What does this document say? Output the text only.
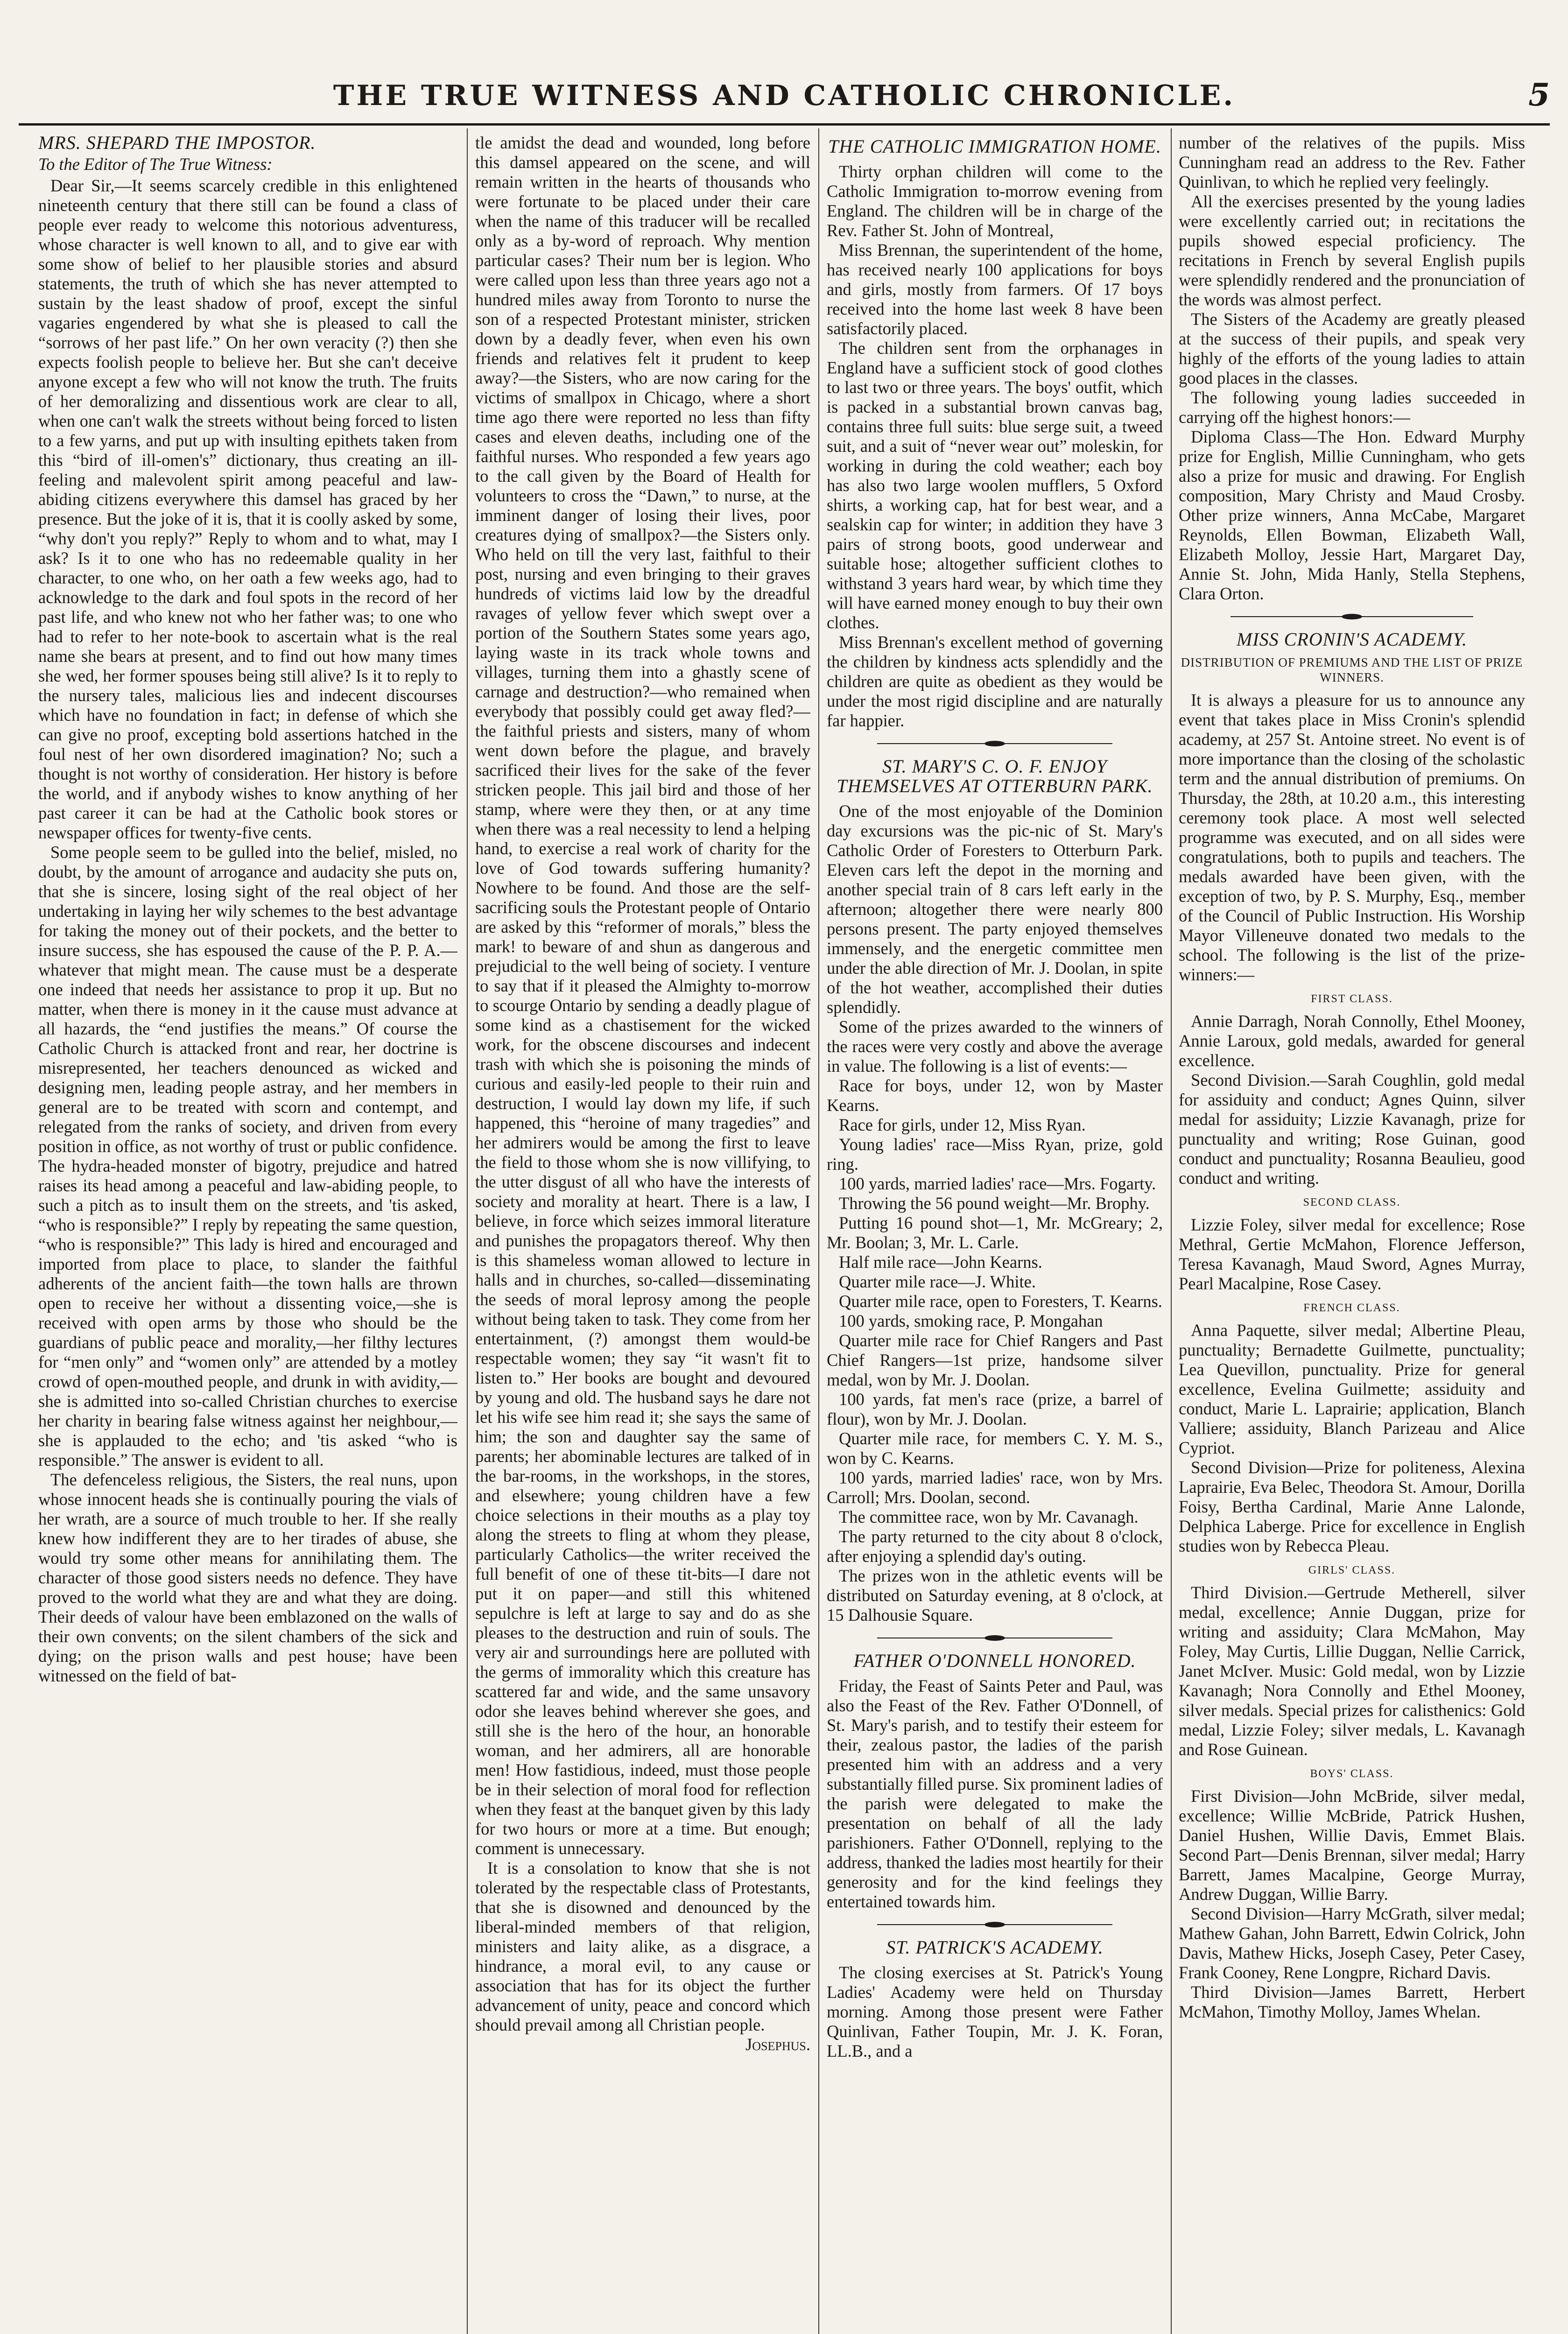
THE TRUE WITNESS AND CATHOLIC CHRONICLE.	5

MRS. SHEPARD THE IMPOSTOR.

To the Editor of The True Witness:

Dear Sir,—It seems scarcely credible in this enlightened nineteenth century that there still can be found a class of people ever ready to welcome this notorious adventuress, whose character is well known to all, and to give ear with some show of belief to her plausible stories and absurd statements, the truth of which she has never attempted to sustain by the least shadow of proof, except the sinful vagaries engendered by what she is pleased to call the “sorrows of her past life.” On her own veracity (?) then she expects foolish people to believe her. But she can't deceive anyone except a few who will not know the truth. The fruits of her demoralizing and dissentious work are clear to all, when one can't walk the streets without being forced to listen to a few yarns, and put up with insulting epithets taken from this “bird of ill-omen's” dictionary, thus creating an ill-feeling and malevolent spirit among peaceful and law-abiding citizens everywhere this damsel has graced by her presence. But the joke of it is, that it is coolly asked by some, “why don't you reply?” Reply to whom and to what, may I ask? Is it to one who has no redeemable quality in her character, to one who, on her oath a few weeks ago, had to acknowledge to the dark and foul spots in the record of her past life, and who knew not who her father was; to one who had to refer to her note-book to ascertain what is the real name she bears at present, and to find out how many times she wed, her former spouses being still alive? Is it to reply to the nursery tales, malicious lies and indecent discourses which have no foundation in fact; in defense of which she can give no proof, excepting bold assertions hatched in the foul nest of her own disordered imagination? No; such a thought is not worthy of consideration. Her history is before the world, and if anybody wishes to know anything of her past career it can be had at the Catholic book stores or newspaper offices for twenty-five cents.

Some people seem to be gulled into the belief, misled, no doubt, by the amount of arrogance and audacity she puts on, that she is sincere, losing sight of the real object of her undertaking in laying her wily schemes to the best advantage for taking the money out of their pockets, and the better to insure success, she has espoused the cause of the P. P. A.—whatever that might mean. The cause must be a desperate one indeed that needs her assistance to prop it up. But no matter, when there is money in it the cause must advance at all hazards, the “end justifies the means.” Of course the Catholic Church is attacked front and rear, her doctrine is misrepresented, her teachers denounced as wicked and designing men, leading people astray, and her members in general are to be treated with scorn and contempt, and relegated from the ranks of society, and driven from every position in office, as not worthy of trust or public confidence. The hydra-headed monster of bigotry, prejudice and hatred raises its head among a peaceful and law-abiding people, to such a pitch as to insult them on the streets, and 'tis asked, “who is responsible?” I reply by repeating the same question, “who is responsible?” This lady is hired and encouraged and imported from place to place, to slander the faithful adherents of the ancient faith—the town halls are thrown open to receive her without a dissenting voice,—she is received with open arms by those who should be the guardians of public peace and morality,—her filthy lectures for “men only” and “women only” are attended by a motley crowd of open-mouthed people, and drunk in with avidity,—she is admitted into so-called Christian churches to exercise her charity in bearing false witness against her neighbour,—she is applauded to the echo; and 'tis asked “who is responsible.” The answer is evident to all.

The defenceless religious, the Sisters, the real nuns, upon whose innocent heads she is continually pouring the vials of her wrath, are a source of much trouble to her. If she really knew how indifferent they are to her tirades of abuse, she would try some other means for annihilating them. The character of those good sisters needs no defence. They have proved to the world what they are and what they are doing. Their deeds of valour have been emblazoned on the walls of their own convents; on the silent chambers of the sick and dying; on the prison walls and pest house; have been witnessed on the field of bat-

tle amidst the dead and wounded, long before this damsel appeared on the scene, and will remain written in the hearts of thousands who were fortunate to be placed under their care when the name of this traducer will be recalled only as a by-word of reproach. Why mention particular cases? Their num ber is legion. Who were called upon less than three years ago not a hundred miles away from Toronto to nurse the son of a respected Protestant minister, stricken down by a deadly fever, when even his own friends and relatives felt it prudent to keep away?—the Sisters, who are now caring for the victims of smallpox in Chicago, where a short time ago there were reported no less than fifty cases and eleven deaths, including one of the faithful nurses. Who responded a few years ago to the call given by the Board of Health for volunteers to cross the “Dawn,” to nurse, at the imminent danger of losing their lives, poor creatures dying of smallpox?—the Sisters only. Who held on till the very last, faithful to their post, nursing and even bringing to their graves hundreds of victims laid low by the dreadful ravages of yellow fever which swept over a portion of the Southern States some years ago, laying waste in its track whole towns and villages, turning them into a ghastly scene of carnage and destruction?—who remained when everybody that possibly could get away fled?—the faithful priests and sisters, many of whom went down before the plague, and bravely sacrificed their lives for the sake of the fever stricken people. This jail bird and those of her stamp, where were they then, or at any time when there was a real necessity to lend a helping hand, to exercise a real work of charity for the love of God towards suffering humanity? Nowhere to be found. And those are the self-sacrificing souls the Protestant people of Ontario are asked by this “reformer of morals,” bless the mark! to beware of and shun as dangerous and prejudicial to the well being of society. I venture to say that if it pleased the Almighty to-morrow to scourge Ontario by sending a deadly plague of some kind as a chastisement for the wicked work, for the obscene discourses and indecent trash with which she is poisoning the minds of curious and easily-led people to their ruin and destruction, I would lay down my life, if such happened, this “heroine of many tragedies” and her admirers would be among the first to leave the field to those whom she is now villifying, to the utter disgust of all who have the interests of society and morality at heart. There is a law, I believe, in force which seizes immoral literature and punishes the propagators thereof. Why then is this shameless woman allowed to lecture in halls and in churches, so-called—disseminating the seeds of moral leprosy among the people without being taken to task. They come from her entertainment, (?) amongst them would-be respectable women; they say “it wasn't fit to listen to.” Her books are bought and devoured by young and old. The husband says he dare not let his wife see him read it; she says the same of him; the son and daughter say the same of parents; her abominable lectures are talked of in the bar-rooms, in the workshops, in the stores, and elsewhere; young children have a few choice selections in their mouths as a play toy along the streets to fling at whom they please, particularly Catholics—the writer received the full benefit of one of these tit-bits—I dare not put it on paper—and still this whitened sepulchre is left at large to say and do as she pleases to the destruction and ruin of souls. The very air and surroundings here are polluted with the germs of immorality which this creature has scattered far and wide, and the same unsavory odor she leaves behind wherever she goes, and still she is the hero of the hour, an honorable woman, and her admirers, all are honorable men! How fastidious, indeed, must those people be in their selection of moral food for reflection when they feast at the banquet given by this lady for two hours or more at a time. But enough; comment is unnecessary.

It is a consolation to know that she is not tolerated by the respectable class of Protestants, that she is disowned and denounced by the liberal-minded members of that religion, ministers and laity alike, as a disgrace, a hindrance, a moral evil, to any cause or association that has for its object the further advancement of unity, peace and concord which should prevail among all Christian people.

Josephus.

THE CATHOLIC IMMIGRATION HOME.

Thirty orphan children will come to the Catholic Immigration to-morrow evening from England. The children will be in charge of the Rev. Father St. John of Montreal,

Miss Brennan, the superintendent of the home, has received nearly 100 applications for boys and girls, mostly from farmers. Of 17 boys received into the home last week 8 have been satisfactorily placed.

The children sent from the orphanages in England have a sufficient stock of good clothes to last two or three years. The boys' outfit, which is packed in a substantial brown canvas bag, contains three full suits: blue serge suit, a tweed suit, and a suit of “never wear out” moleskin, for working in during the cold weather; each boy has also two large woolen mufflers, 5 Oxford shirts, a working cap, hat for best wear, and a sealskin cap for winter; in addition they have 3 pairs of strong boots, good underwear and suitable hose; altogether sufficient clothes to withstand 3 years hard wear, by which time they will have earned money enough to buy their own clothes.

Miss Brennan's excellent method of governing the children by kindness acts splendidly and the children are quite as obedient as they would be under the most rigid discipline and are naturally far happier.

ST. MARY'S C. O. F. ENJOY THEMSELVES AT OTTERBURN PARK.

One of the most enjoyable of the Dominion day excursions was the pic-nic of St. Mary's Catholic Order of Foresters to Otterburn Park. Eleven cars left the depot in the morning and another special train of 8 cars left early in the afternoon; altogether there were nearly 800 persons present. The party enjoyed themselves immensely, and the energetic committee men under the able direction of Mr. J. Doolan, in spite of the hot weather, accomplished their duties splendidly.

Some of the prizes awarded to the winners of the races were very costly and above the average in value. The following is a list of events:—

Race for boys, under 12, won by Master Kearns.

Race for girls, under 12, Miss Ryan.

Young ladies' race—Miss Ryan, prize, gold ring.

100 yards, married ladies' race—Mrs. Fogarty.

Throwing the 56 pound weight—Mr. Brophy.

Putting 16 pound shot—1, Mr. McGreary; 2, Mr. Boolan; 3, Mr. L. Carle.

Half mile race—John Kearns.

Quarter mile race—J. White.

Quarter mile race, open to Foresters, T. Kearns.

100 yards, smoking race, P. Mongahan

Quarter mile race for Chief Rangers and Past Chief Rangers—1st prize, handsome silver medal, won by Mr. J. Doolan.

100 yards, fat men's race (prize, a barrel of flour), won by Mr. J. Doolan.

Quarter mile race, for members C. Y. M. S., won by C. Kearns.

100 yards, married ladies' race, won by Mrs. Carroll; Mrs. Doolan, second.

The committee race, won by Mr. Cavanagh.

The party returned to the city about 8 o'clock, after enjoying a splendid day's outing.

The prizes won in the athletic events will be distributed on Saturday evening, at 8 o'clock, at 15 Dalhousie Square.

FATHER O'DONNELL HONORED.

Friday, the Feast of Saints Peter and Paul, was also the Feast of the Rev. Father O'Donnell, of St. Mary's parish, and to testify their esteem for their, zealous pastor, the ladies of the parish presented him with an address and a very substantially filled purse. Six prominent ladies of the parish were delegated to make the presentation on behalf of all the lady parishioners. Father O'Donnell, replying to the address, thanked the ladies most heartily for their generosity and for the kind feelings they entertained towards him.

ST. PATRICK'S ACADEMY.

The closing exercises at St. Patrick's Young Ladies' Academy were held on Thursday morning. Among those present were Father Quinlivan, Father Toupin, Mr. J. K. Foran, LL.B., and a

number of the relatives of the pupils. Miss Cunningham read an address to the Rev. Father Quinlivan, to which he replied very feelingly.

All the exercises presented by the young ladies were excellently carried out; in recitations the pupils showed especial proficiency. The recitations in French by several English pupils were splendidly rendered and the pronunciation of the words was almost perfect.

The Sisters of the Academy are greatly pleased at the success of their pupils, and speak very highly of the efforts of the young ladies to attain good places in the classes.

The following young ladies succeeded in carrying off the highest honors:—

Diploma Class—The Hon. Edward Murphy prize for English, Millie Cunningham, who gets also a prize for music and drawing. For English composition, Mary Christy and Maud Crosby. Other prize winners, Anna McCabe, Margaret Reynolds, Ellen Bowman, Elizabeth Wall, Elizabeth Molloy, Jessie Hart, Margaret Day, Annie St. John, Mida Hanly, Stella Stephens, Clara Orton.

MISS CRONIN'S ACADEMY.

DISTRIBUTION OF PREMIUMS AND THE LIST OF PRIZE WINNERS.

It is always a pleasure for us to announce any event that takes place in Miss Cronin's splendid academy, at 257 St. Antoine street. No event is of more importance than the closing of the scholastic term and the annual distribution of premiums. On Thursday, the 28th, at 10.20 a.m., this interesting ceremony took place. A most well selected programme was executed, and on all sides were congratulations, both to pupils and teachers. The medals awarded have been given, with the exception of two, by P. S. Murphy, Esq., member of the Council of Public Instruction. His Worship Mayor Villeneuve donated two medals to the school. The following is the list of the prize-winners:—

FIRST CLASS.

Annie Darragh, Norah Connolly, Ethel Mooney, Annie Laroux, gold medals, awarded for general excellence.

Second Division.—Sarah Coughlin, gold medal for assiduity and conduct; Agnes Quinn, silver medal for assiduity; Lizzie Kavanagh, prize for punctuality and writing; Rose Guinan, good conduct and punctuality; Rosanna Beaulieu, good conduct and writing.

SECOND CLASS.

Lizzie Foley, silver medal for excellence; Rose Methral, Gertie McMahon, Florence Jefferson, Teresa Kavanagh, Maud Sword, Agnes Murray, Pearl Macalpine, Rose Casey.

FRENCH CLASS.

Anna Paquette, silver medal; Albertine Pleau, punctuality; Bernadette Guilmette, punctuality; Lea Quevillon, punctuality. Prize for general excellence, Evelina Guilmette; assiduity and conduct, Marie L. Laprairie; application, Blanch Valliere; assiduity, Blanch Parizeau and Alice Cypriot.

Second Division—Prize for politeness, Alexina Laprairie, Eva Belec, Theodora St. Amour, Dorilla Foisy, Bertha Cardinal, Marie Anne Lalonde, Delphica Laberge. Price for excellence in English studies won by Rebecca Pleau.

GIRLS' CLASS.

Third Division.—Gertrude Metherell, silver medal, excellence; Annie Duggan, prize for writing and assiduity; Clara McMahon, May Foley, May Curtis, Lillie Duggan, Nellie Carrick, Janet McIver. Music: Gold medal, won by Lizzie Kavanagh; Nora Connolly and Ethel Mooney, silver medals. Special prizes for calisthenics: Gold medal, Lizzie Foley; silver medals, L. Kavanagh and Rose Guinean.

BOYS' CLASS.

First Division—John McBride, silver medal, excellence; Willie McBride, Patrick Hushen, Daniel Hushen, Willie Davis, Emmet Blais. Second Part—Denis Brennan, silver medal; Harry Barrett, James Macalpine, George Murray, Andrew Duggan, Willie Barry.

Second Division—Harry McGrath, silver medal; Mathew Gahan, John Barrett, Edwin Colrick, John Davis, Mathew Hicks, Joseph Casey, Peter Casey, Frank Cooney, Rene Longpre, Richard Davis.

Third Division—James Barrett, Herbert McMahon, Timothy Molloy, James Whelan.
